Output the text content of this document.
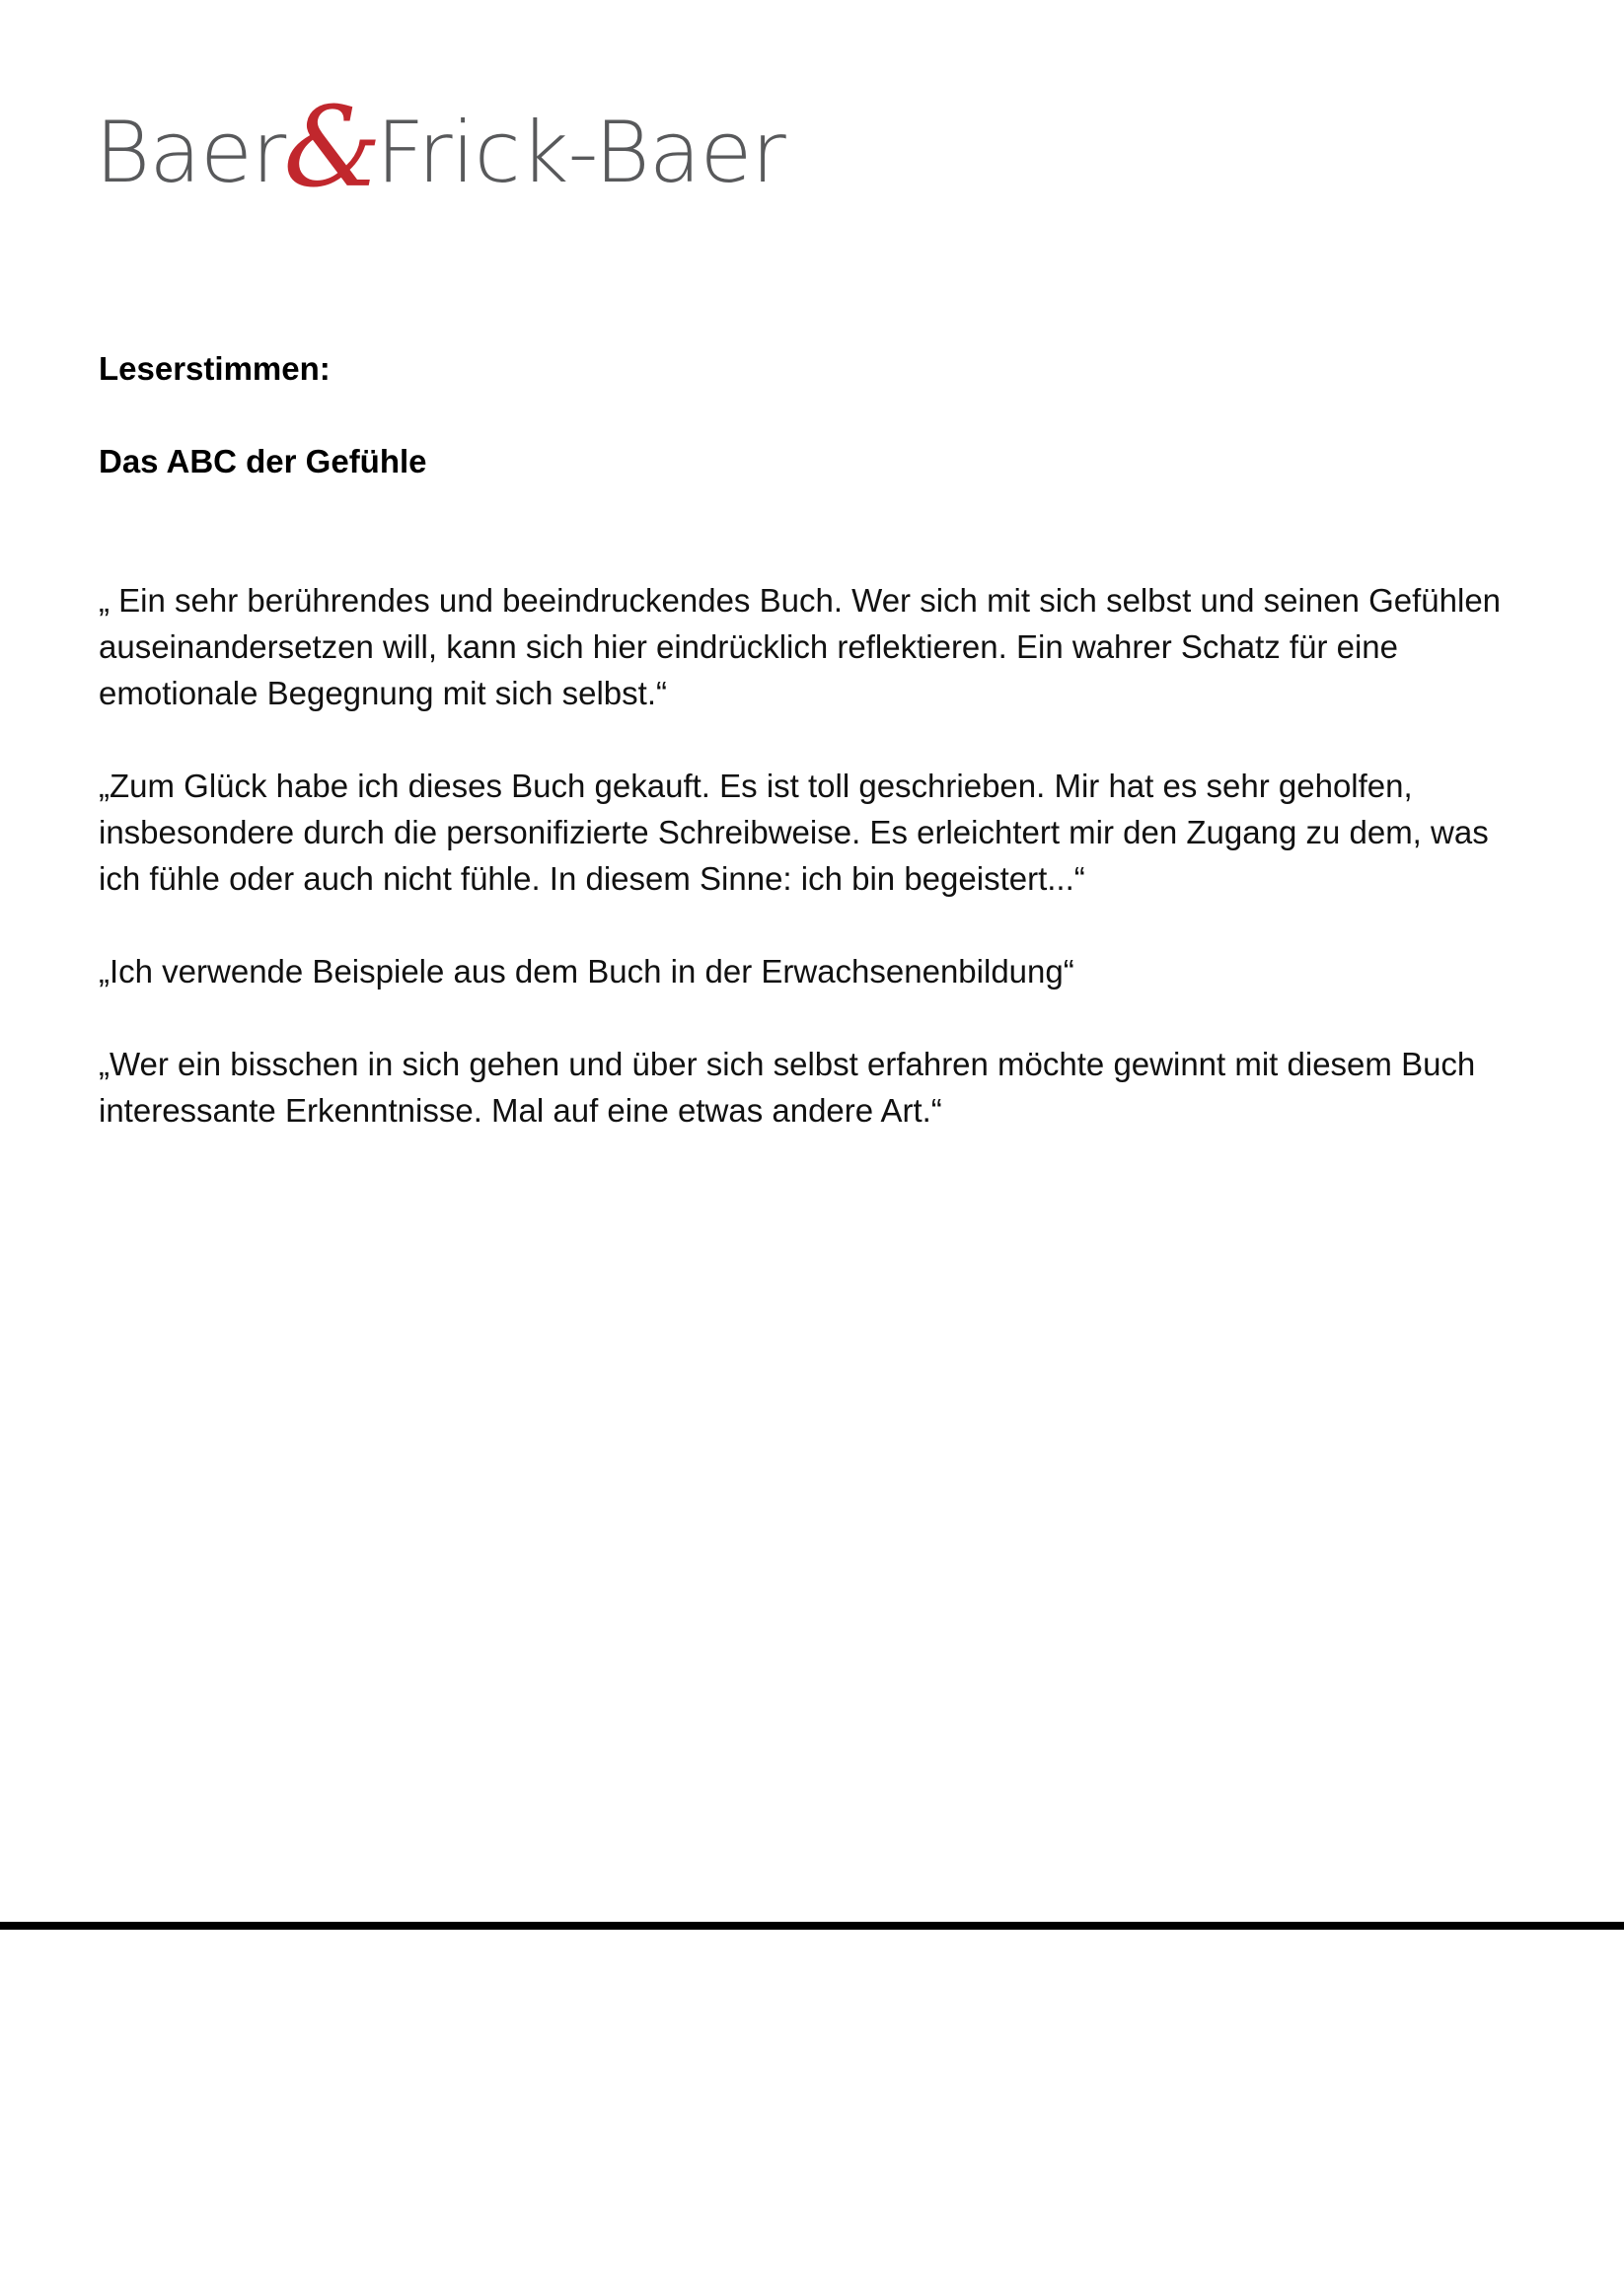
Baer
&
Frick-Baer

Leserstimmen:

Das ABC der Gefühle

„ Ein sehr berührendes und beeindruckendes Buch. Wer sich mit sich selbst und seinen Gefühlen auseinandersetzen will, kann sich hier eindrücklich reflektieren. Ein wahrer Schatz für eine emotionale Begegnung mit sich selbst.“

„Zum Glück habe ich dieses Buch gekauft. Es ist toll geschrieben. Mir hat es sehr geholfen, insbesondere durch die personifizierte Schreibweise. Es erleichtert mir den Zugang zu dem, was ich fühle oder auch nicht fühle. In diesem Sinne: ich bin begeistert...“

„Ich verwende Beispiele aus dem Buch in der Erwachsenenbildung“

„Wer ein bisschen in sich gehen und über sich selbst erfahren möchte gewinnt mit diesem Buch interessante Erkenntnisse. Mal auf eine etwas andere Art.“
